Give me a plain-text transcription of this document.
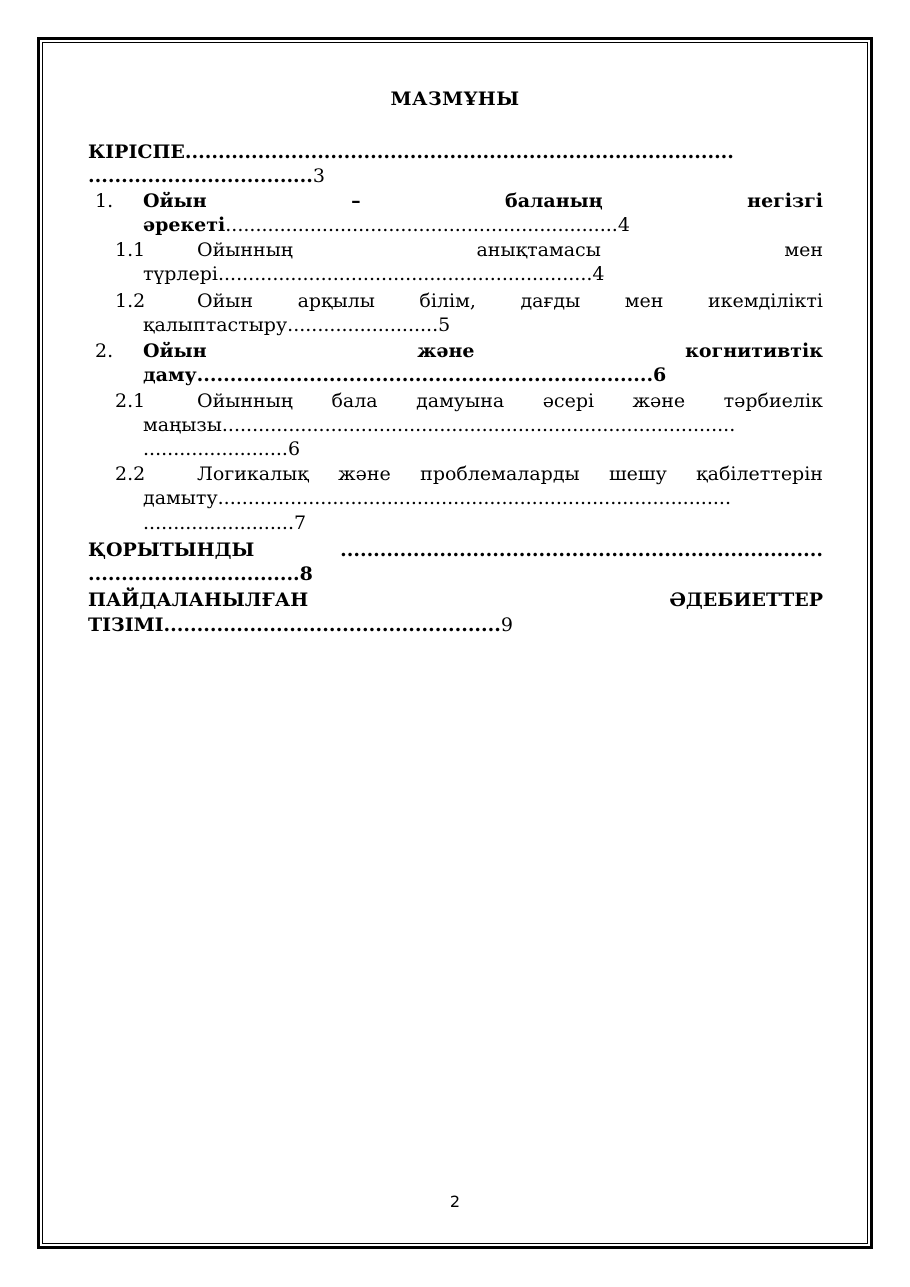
МАЗМҰНЫ
КІРІСПЕ...................................................................................
..................................3
1. Ойын	–	баланың	негізгі
әрекеті.................................................................4
1.1	Ойынның	анықтамасы	мен
түрлері..............................................................4
1.2	Ойын арқылы білім, дағды мен икемділікті
қалыптастыру.........................5
2. Ойын	және	когнитивтік
даму.....................................................................6
2.1	Ойынның бала дамуына әсері және тәрбиелік
маңызы.....................................................................................
........................6
2.2	Логикалық және проблемаларды шешу қабілеттерін
дамыту.....................................................................................
.........................7
ҚОРЫТЫНДЫ	.........................................................................
................................8
ПАЙДАЛАНЫЛҒАН	ӘДЕБИЕТТЕР
ТІЗІМІ...................................................9
2
